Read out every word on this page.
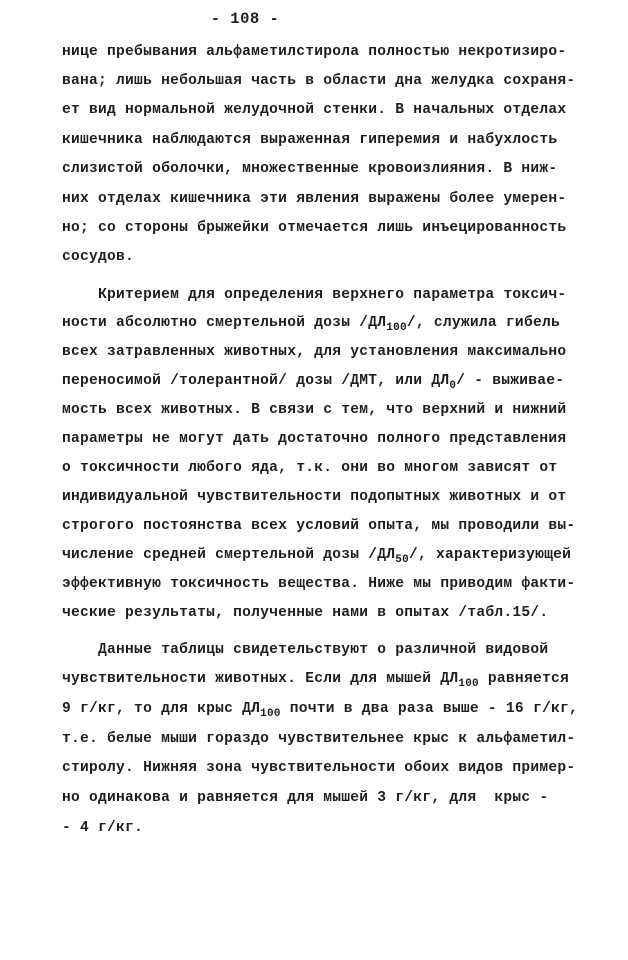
- 108 -
нице пребывания альфаметилстирола полностью некротизиро-
вана; лишь небольшая часть в области дна желудка сохраня-
ет вид нормальной желудочной стенки. В начальных отделах
кишечника наблюдаются выраженная гиперемия и набухлость
слизистой оболочки, множественные кровоизлияния. В ниж-
них отделах кишечника эти явления выражены более умерен-
но; со стороны брыжейки отмечается лишь инъецированность
сосудов.
Критерием для определения верхнего параметра токсич-
ности абсолютно смертельной дозы $/ДЛ_{100}/$, служила гибель
всех затравленных животных, для установления максимально
переносимой /толерантной/ дозы /ДМТ, или $ДЛ_0/$ - выживае-
мость всех животных. В связи с тем, что верхний и нижний
параметры не могут дать достаточно полного представления
о токсичности любого яда, т.к. они во многом зависят от
индивидуальной чувствительности подопытных животных и от
строгого постоянства всех условий опыта, мы проводили вы-
числение средней смертельной дозы $/ДЛ_{50}/$, характеризующей
эффективную токсичность вещества. Ниже мы приводим факти-
ческие результаты, полученные нами в опытах /табл.15/.
Данные таблицы свидетельствуют о различной видовой
чувствительности животных. Если для мышей $ДЛ_{100}$ равняется
9 г/кг, то для крыс $ДЛ_{100}$ почти в два раза выше - 16 г/кг,
т.е. белые мыши гораздо чувствительнее крыс к альфаметил-
стиролу. Нижняя зона чувствительности обоих видов пример-
но одинакова и равняется для мышей 3 г/кг, для  крыс -
- 4 г/кг.
